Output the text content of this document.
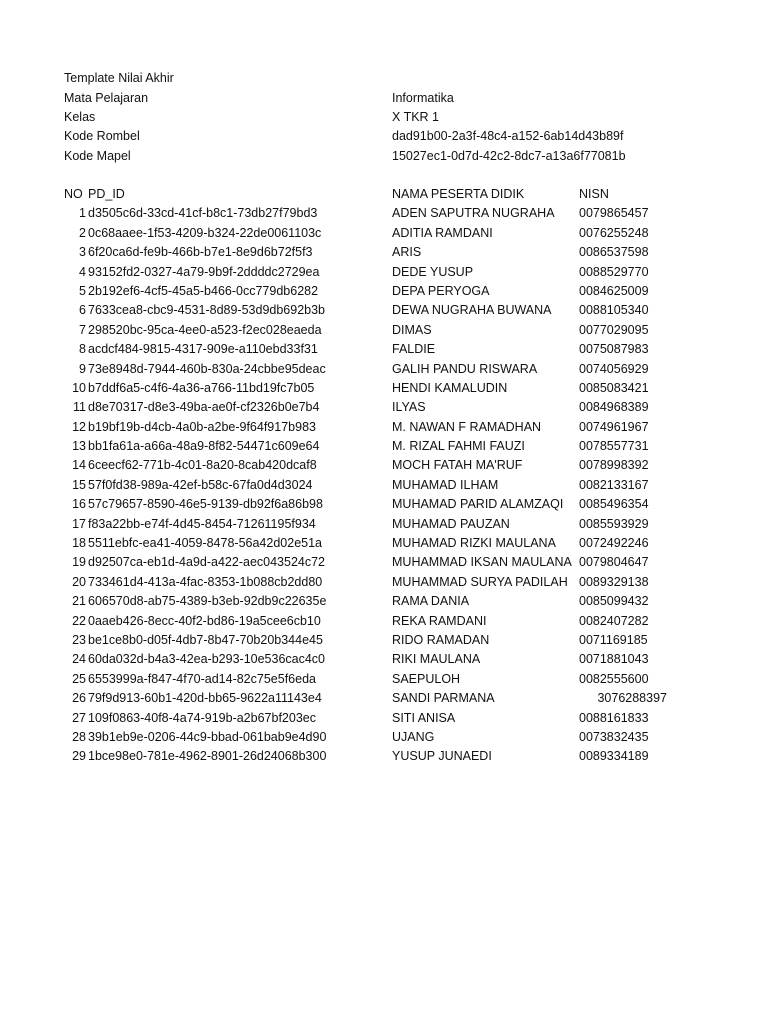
Template Nilai Akhir
Mata Pelajaran	Informatika
Kelas	X TKR 1
Kode Rombel	dad91b00-2a3f-48c4-a152-6ab14d43b89f
Kode Mapel	15027ec1-0d7d-42c2-8dc7-a13a6f77081b
NO PD_ID	NAMA PESERTA DIDIK	NISN
1 d3505c6d-33cd-41cf-b8c1-73db27f79bd3	ADEN SAPUTRA NUGRAHA 0079865457
2 0c68aaee-1f53-4209-b324-22de0061103c	ADITIA RAMDANI	0076255248
3 6f20ca6d-fe9b-466b-b7e1-8e9d6b72f5f3	ARIS	0086537598
4 93152fd2-0327-4a79-9b9f-2ddddc2729ea	DEDE YUSUP	0088529770
5 2b192ef6-4cf5-45a5-b466-0cc779db6282	DEPA PERYOGA	0084625009
6 7633cea8-cbc9-4531-8d89-53d9db692b3b	DEWA NUGRAHA BUWANA 0088105340
7 298520bc-95ca-4ee0-a523-f2ec028eaeda	DIMAS	0077029095
8 acdcf484-9815-4317-909e-a110ebd33f31	FALDIE	0075087983
9 73e8948d-7944-460b-830a-24cbbe95deac	GALIH PANDU RISWARA	0074056929
10 b7ddf6a5-c4f6-4a36-a766-11bd19fc7b05	HENDI KAMALUDIN	0085083421
11 d8e70317-d8e3-49ba-ae0f-cf2326b0e7b4	ILYAS	0084968389
12 b19bf19b-d4cb-4a0b-a2be-9f64f917b983	M. NAWAN F RAMADHAN	0074961967
13 bb1fa61a-a66a-48a9-8f82-54471c609e64	M. RIZAL FAHMI FAUZI	0078557731
14 6ceecf62-771b-4c01-8a20-8cab420dcaf8	MOCH FATAH MA'RUF	0078998392
15 57f0fd38-989a-42ef-b58c-67fa0d4d3024	MUHAMAD ILHAM	0082133167
16 57c79657-8590-46e5-9139-db92f6a86b98	MUHAMAD PARID ALAMZAQI 0085496354
17 f83a22bb-e74f-4d45-8454-71261195f934	MUHAMAD PAUZAN	0085593929
18 5511ebfc-ea41-4059-8478-56a42d02e51a	MUHAMAD RIZKI MAULANA 0072492246
19 d92507ca-eb1d-4a9d-a422-aec043524c72	MUHAMMAD IKSAN MAULANA 0079804647
20 733461d4-413a-4fac-8353-1b088cb2dd80	MUHAMMAD SURYA PADILAH 0089329138
21 606570d8-ab75-4389-b3eb-92db9c22635e	RAMA DANIA	0085099432
22 0aaeb426-8ecc-40f2-bd86-19a5cee6cb10	REKA RAMDANI	0082407282
23 be1ce8b0-d05f-4db7-8b47-70b20b344e45	RIDO RAMADAN	0071169185
24 60da032d-b4a3-42ea-b293-10e536cac4c0	RIKI MAULANA	0071881043
25 6553999a-f847-4f70-ad14-82c75e5f6eda	SAEPULOH	0082555600
26 79f9d913-60b1-420d-bb65-9622a11143e4	SANDI PARMANA	3076288397
27 109f0863-40f8-4a74-919b-a2b67bf203ec	SITI ANISA	0088161833
28 39b1eb9e-0206-44c9-bbad-061bab9e4d90	UJANG	0073832435
29 1bce98e0-781e-4962-8901-26d24068b300	YUSUP JUNAEDI	0089334189
